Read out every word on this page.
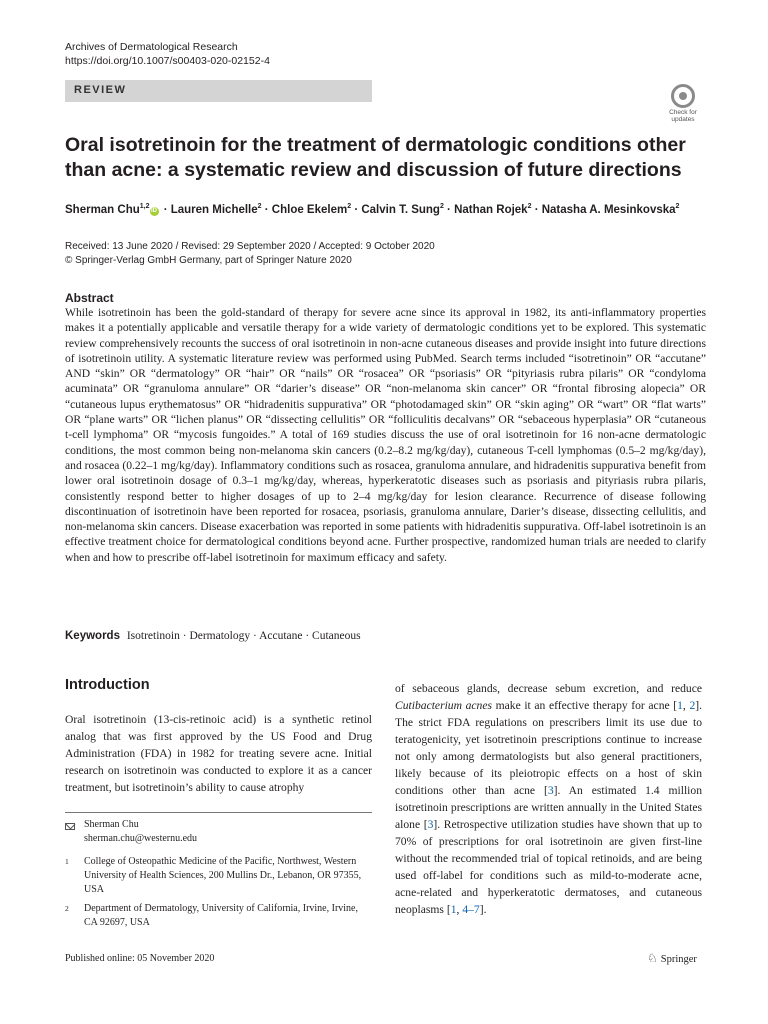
Archives of Dermatological Research
https://doi.org/10.1007/s00403-020-02152-4
REVIEW
Check for
updates
Oral isotretinoin for the treatment of dermatologic conditions other than acne: a systematic review and discussion of future directions
Sherman Chu$^{1,2}$iD · Lauren Michelle$^2$ · Chloe Ekelem$^2$ · Calvin T. Sung$^2$ · Nathan Rojek$^2$ · Natasha A. Mesinkovska$^2$
Received: 13 June 2020 / Revised: 29 September 2020 / Accepted: 9 October 2020
© Springer-Verlag GmbH Germany, part of Springer Nature 2020
Abstract

While isotretinoin has been the gold-standard of therapy for severe acne since its approval in 1982, its anti-inflammatory properties makes it a potentially applicable and versatile therapy for a wide variety of dermatologic conditions yet to be explored. This systematic review comprehensively recounts the success of oral isotretinoin in non-acne cutaneous diseases and provide insight into future directions of isotretinoin utility. A systematic literature review was performed using PubMed. Search terms included “isotretinoin” OR “accutane” AND “skin” OR “dermatology” OR “hair” OR “nails” OR “rosacea” OR “psoriasis” OR “pityriasis rubra pilaris” OR “condyloma acuminata” OR “granuloma annulare” OR “darier’s disease” OR “non-melanoma skin cancer” OR “frontal fibrosing alopecia” OR “cutaneous lupus erythematosus” OR “hidradenitis suppurativa” OR “photodamaged skin” OR “skin aging” OR “wart” OR “flat warts” OR “plane warts” OR “lichen planus” OR “dissecting cellulitis” OR “folliculitis decalvans” OR “sebaceous hyperplasia” OR “cutaneous t-cell lymphoma” OR “mycosis fungoides.” A total of 169 studies discuss the use of oral isotretinoin for 16 non-acne dermatologic conditions, the most common being non-melanoma skin cancers (0.2–8.2 mg/kg/day), cutaneous T-cell lymphomas (0.5–2 mg/kg/day), and rosacea (0.22–1 mg/kg/day). Inflammatory conditions such as rosacea, granuloma annulare, and hidradenitis suppurativa benefit from lower oral isotretinoin dosage of 0.3–1 mg/kg/day, whereas, hyperkeratotic diseases such as psoriasis and pityriasis rubra pilaris, consistently respond better to higher dosages of up to 2–4 mg/kg/day for lesion clearance. Recurrence of disease following discontinuation of isotretinoin have been reported for rosacea, psoriasis, granuloma annulare, Darier’s disease, dissecting cellulitis, and non-melanoma skin cancers. Disease exacerbation was reported in some patients with hidradenitis suppurativa. Off-label isotretinoin is an effective treatment choice for dermatological conditions beyond acne. Further prospective, randomized human trials are needed to clarify when and how to prescribe off-label isotretinoin for maximum efficacy and safety.

Keywords Isotretinoin · Dermatology · Accutane · Cutaneous
Introduction

Oral isotretinoin (13-cis-retinoic acid) is a synthetic retinol analog that was first approved by the US Food and Drug Administration (FDA) in 1982 for treating severe acne. Initial research on isotretinoin was conducted to explore it as a cancer treatment, but isotretinoin’s ability to cause atrophy

of sebaceous glands, decrease sebum excretion, and reduce Cutibacterium acnes make it an effective therapy for acne [1, 2]. The strict FDA regulations on prescribers limit its use due to teratogenicity, yet isotretinoin prescriptions continue to increase not only among dermatologists but also general practitioners, likely because of its pleiotropic effects on a host of skin conditions other than acne [3]. An estimated 1.4 million isotretinoin prescriptions are written annually in the United States alone [3]. Retrospective utilization studies have shown that up to 70% of prescriptions for oral isotretinoin are given first-line without the recommended trial of topical retinoids, and are being used off-label for conditions such as mild-to-moderate acne, acne-related and hyperkeratotic dermatoses, and cutaneous neoplasms [1, 4–7].

Sherman Chu
sherman.chu@westernu.edu
1 College of Osteopathic Medicine of the Pacific, Northwest, Western University of Health Sciences, 200 Mullins Dr., Lebanon, OR 97355, USA
2 Department of Dermatology, University of California, Irvine, Irvine, CA 92697, USA
Published online: 05 November 2020	♘ Springer
